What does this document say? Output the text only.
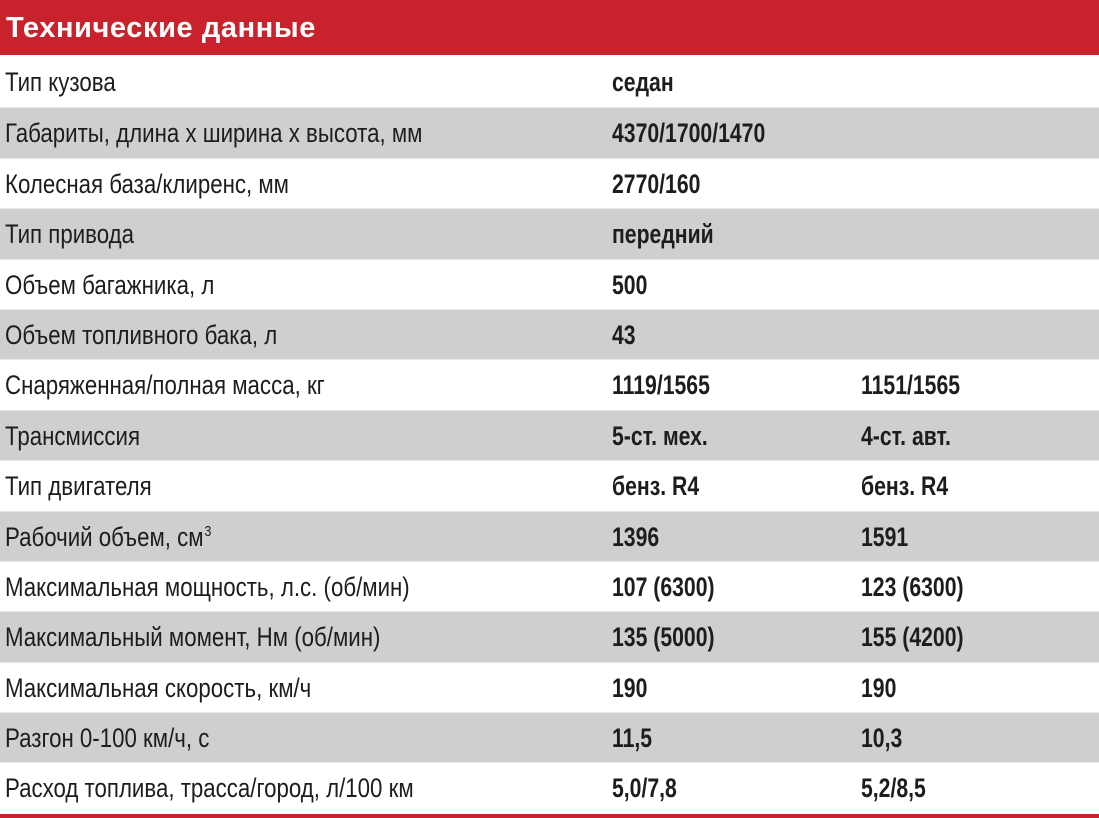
Технические данные
Тип кузова	седан
Габариты, длина х ширина х высота, мм	4370/1700/1470
Колесная база/клиренс, мм	2770/160
Тип привода	передний
Объем багажника, л	500
Объем топливного бака, л	43
Снаряженная/полная масса, кг	1119/1565	1151/1565
Трансмиссия	5-ст. мех.	4-ст. авт.
Тип двигателя	бенз. R4	бенз. R4
Рабочий объем, $см^3$	1396	1591
Максимальная мощность, л.с. (об/мин)	107 (6300)	123 (6300)
Максимальный момент, Нм (об/мин)	135 (5000)	155 (4200)
Максимальная скорость, км/ч	190	190
Разгон 0-100 км/ч, с	11,5	10,3
Расход топлива, трасса/город, л/100 км	5,0/7,8	5,2/8,5
